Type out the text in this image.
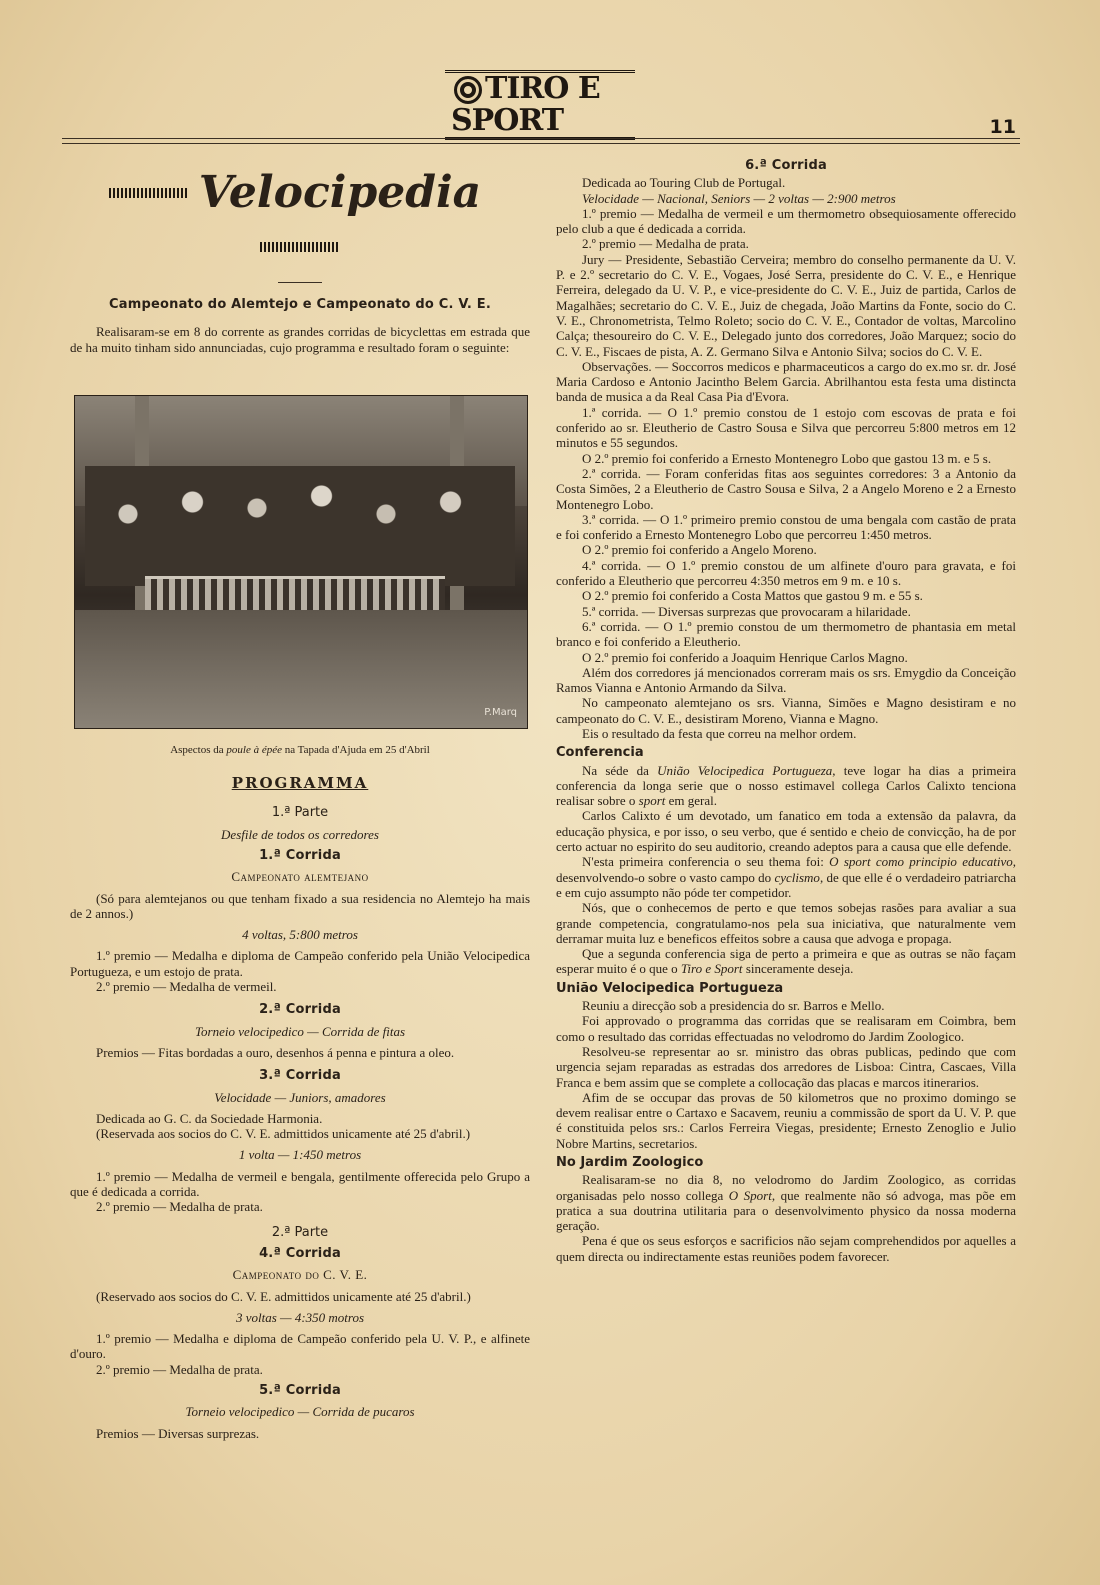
TIRO E SPORT	11
Velocipedia
Campeonato do Alemtejo e Campeonato do C. V. E.

Realisaram-se em 8 do corrente as grandes corridas de bicyclettas em estrada que de ha muito tinham sido annunciadas, cujo programma e resultado foram o seguinte:

P.Marq
Aspectos da poule à épée na Tapada d'Ajuda em 25 d'Abril
PROGRAMMA
1.ª Parte

Desfile de todos os corredores

1.ª Corrida

Campeonato alemtejano

(Só para alemtejanos ou que tenham fixado a sua residencia no Alemtejo ha mais de 2 annos.)

4 voltas, 5:800 metros

1.º premio — Medalha e diploma de Campeão conferido pela União Velocipedica Portugueza, e um estojo de prata.

2.º premio — Medalha de vermeil.

2.ª Corrida

Torneio velocipedico — Corrida de fitas

Premios — Fitas bordadas a ouro, desenhos á penna e pintura a oleo.

3.ª Corrida

Velocidade — Juniors, amadores

Dedicada ao G. C. da Sociedade Harmonia.

(Reservada aos socios do C. V. E. admittidos unicamente até 25 d'abril.)

1 volta — 1:450 metros

1.º premio — Medalha de vermeil e bengala, gentilmente offerecida pelo Grupo a que é dedicada a corrida.

2.º premio — Medalha de prata.

2.ª Parte
4.ª Corrida

Campeonato do C. V. E.

(Reservado aos socios do C. V. E. admittidos unicamente até 25 d'abril.)

3 voltas — 4:350 motros

1.º premio — Medalha e diploma de Campeão conferido pela U. V. P., e alfinete d'ouro.

2.º premio — Medalha de prata.

5.ª Corrida

Torneio velocipedico — Corrida de pucaros

Premios — Diversas surprezas.

6.ª Corrida

Dedicada ao Touring Club de Portugal.

Velocidade — Nacional, Seniors — 2 voltas — 2:900 metros

1.º premio — Medalha de vermeil e um thermometro obsequiosamente offerecido pelo club a que é dedicada a corrida.

2.º premio — Medalha de prata.

Jury — Presidente, Sebastião Cerveira; membro do conselho permanente da U. V. P. e 2.º secretario do C. V. E., Vogaes, José Serra, presidente do C. V. E., e Henrique Ferreira, delegado da U. V. P., e vice-presidente do C. V. E., Juiz de partida, Carlos de Magalhães; secretario do C. V. E., Juiz de chegada, João Martins da Fonte, socio do C. V. E., Chronometrista, Telmo Roleto; socio do C. V. E., Contador de voltas, Marcolino Calça; thesoureiro do C. V. E., Delegado junto dos corredores, João Marquez; socio do C. V. E., Fiscaes de pista, A. Z. Germano Silva e Antonio Silva; socios do C. V. E.

Observações. — Soccorros medicos e pharmaceuticos a cargo do ex.mo sr. dr. José Maria Cardoso e Antonio Jacintho Belem Garcia. Abrilhantou esta festa uma distincta banda de musica a da Real Casa Pia d'Evora.

1.ª corrida. — O 1.º premio constou de 1 estojo com escovas de prata e foi conferido ao sr. Eleutherio de Castro Sousa e Silva que percorreu 5:800 metros em 12 minutos e 55 segundos.

O 2.º premio foi conferido a Ernesto Montenegro Lobo que gastou 13 m. e 5 s.

2.ª corrida. — Foram conferidas fitas aos seguintes corredores: 3 a Antonio da Costa Simões, 2 a Eleutherio de Castro Sousa e Silva, 2 a Angelo Moreno e 2 a Ernesto Montenegro Lobo.

3.ª corrida. — O 1.º primeiro premio constou de uma bengala com castão de prata e foi conferido a Ernesto Montenegro Lobo que percorreu 1:450 metros.

O 2.º premio foi conferido a Angelo Moreno.

4.ª corrida. — O 1.º premio constou de um alfinete d'ouro para gravata, e foi conferido a Eleutherio que percorreu 4:350 metros em 9 m. e 10 s.

O 2.º premio foi conferido a Costa Mattos que gastou 9 m. e 55 s.

5.ª corrida. — Diversas surprezas que provocaram a hilaridade.

6.ª corrida. — O 1.º premio constou de um thermometro de phantasia em metal branco e foi conferido a Eleutherio.

O 2.º premio foi conferido a Joaquim Henrique Carlos Magno.

Além dos corredores já mencionados correram mais os srs. Emygdio da Conceição Ramos Vianna e Antonio Armando da Silva.

No campeonato alemtejano os srs. Vianna, Simões e Magno desistiram e no campeonato do C. V. E., desistiram Moreno, Vianna e Magno.

Eis o resultado da festa que correu na melhor ordem.

Conferencia

Na séde da União Velocipedica Portugueza, teve logar ha dias a primeira conferencia da longa serie que o nosso estimavel collega Carlos Calixto tenciona realisar sobre o sport em geral.

Carlos Calixto é um devotado, um fanatico em toda a extensão da palavra, da educação physica, e por isso, o seu verbo, que é sentido e cheio de convicção, ha de por certo actuar no espirito do seu auditorio, creando adeptos para a causa que elle defende.

N'esta primeira conferencia o seu thema foi: O sport como principio educativo, desenvolvendo-o sobre o vasto campo do cyclismo, de que elle é o verdadeiro patriarcha e em cujo assumpto não póde ter competidor.

Nós, que o conhecemos de perto e que temos sobejas rasões para avaliar a sua grande competencia, congratulamo-nos pela sua iniciativa, que naturalmente vem derramar muita luz e beneficos effeitos sobre a causa que advoga e propaga.

Que a segunda conferencia siga de perto a primeira e que as outras se não façam esperar muito é o que o Tiro e Sport sinceramente deseja.

União Velocipedica Portugueza

Reuniu a direcção sob a presidencia do sr. Barros e Mello.

Foi approvado o programma das corridas que se realisaram em Coimbra, bem como o resultado das corridas effectuadas no velodromo do Jardim Zoologico.

Resolveu-se representar ao sr. ministro das obras publicas, pedindo que com urgencia sejam reparadas as estradas dos arredores de Lisboa: Cintra, Cascaes, Villa Franca e bem assim que se complete a collocação das placas e marcos itinerarios.

Afim de se occupar das provas de 50 kilometros que no proximo domingo se devem realisar entre o Cartaxo e Sacavem, reuniu a commissão de sport da U. V. P. que é constituida pelos srs.: Carlos Ferreira Viegas, presidente; Ernesto Zenoglio e Julio Nobre Martins, secretarios.

No Jardim Zoologico

Realisaram-se no dia 8, no velodromo do Jardim Zoologico, as corridas organisadas pelo nosso collega O Sport, que realmente não só advoga, mas põe em pratica a sua doutrina utilitaria para o desenvolvimento physico da nossa moderna geração.

Pena é que os seus esforços e sacrificios não sejam comprehendidos por aquelles a quem directa ou indirectamente estas reuniões podem favorecer.
